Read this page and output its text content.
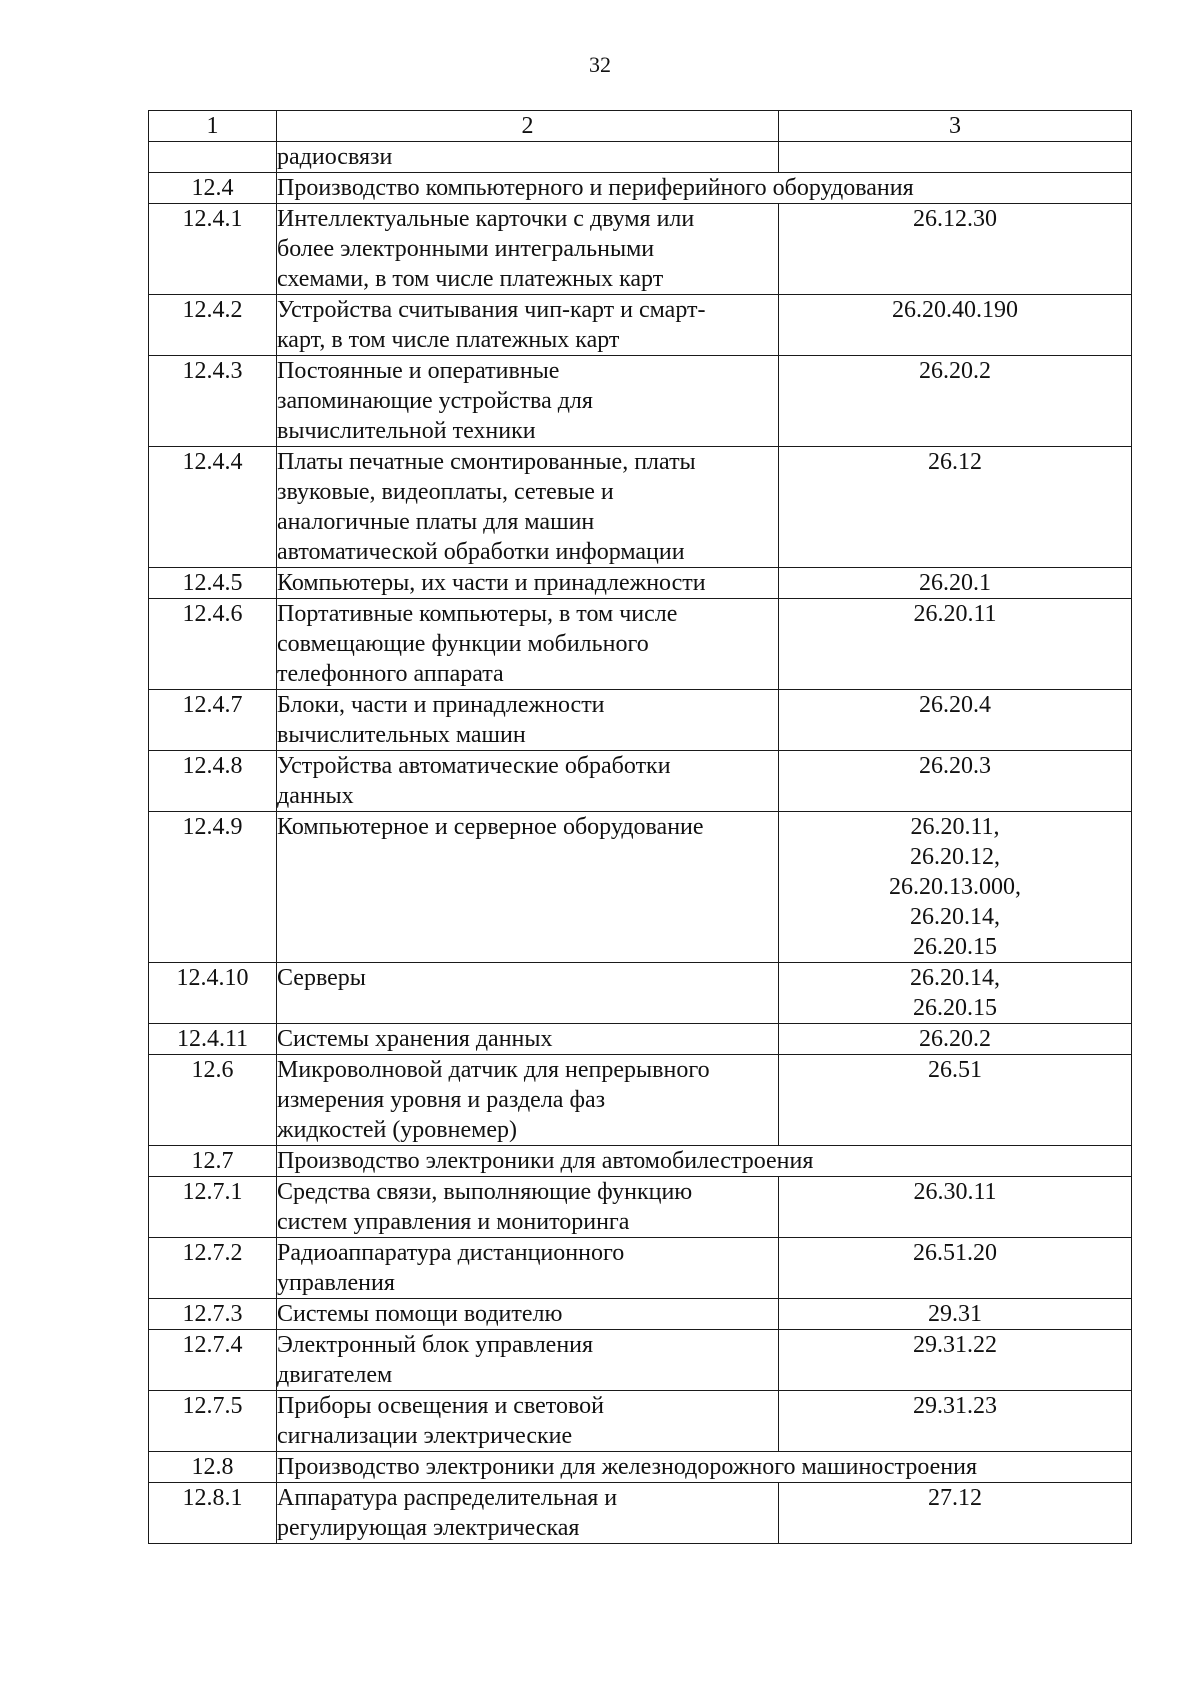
32
1	2	3
	радиосвязи	
12.4	Производство компьютерного и периферийного оборудования	
12.4.1	Интеллектуальные карточки с двумя или
более электронными интегральными
схемами, в том числе платежных карт	26.12.30
12.4.2	Устройства считывания чип-карт и смарт-
карт, в том числе платежных карт	26.20.40.190
12.4.3	Постоянные и оперативные
запоминающие устройства для
вычислительной техники	26.20.2
12.4.4	Платы печатные смонтированные, платы
звуковые, видеоплаты, сетевые и
аналогичные платы для машин
автоматической обработки информации	26.12
12.4.5	Компьютеры, их части и принадлежности	26.20.1
12.4.6	Портативные компьютеры, в том числе
совмещающие функции мобильного
телефонного аппарата	26.20.11
12.4.7	Блоки, части и принадлежности
вычислительных машин	26.20.4
12.4.8	Устройства автоматические обработки
данных	26.20.3
12.4.9	Компьютерное и серверное оборудование	26.20.11,
26.20.12,
26.20.13.000,
26.20.14,
26.20.15
12.4.10	Серверы	26.20.14,
26.20.15
12.4.11	Системы хранения данных	26.20.2
12.6	Микроволновой датчик для непрерывного
измерения уровня и раздела фаз
жидкостей (уровнемер)	26.51
12.7	Производство электроники для автомобилестроения	
12.7.1	Средства связи, выполняющие функцию
систем управления и мониторинга	26.30.11
12.7.2	Радиоаппаратура дистанционного
управления	26.51.20
12.7.3	Системы помощи водителю	29.31
12.7.4	Электронный блок управления
двигателем	29.31.22
12.7.5	Приборы освещения и световой
сигнализации электрические	29.31.23
12.8	Производство электроники для железнодорожного машиностроения	
12.8.1	Аппаратура распределительная и
регулирующая электрическая	27.12
